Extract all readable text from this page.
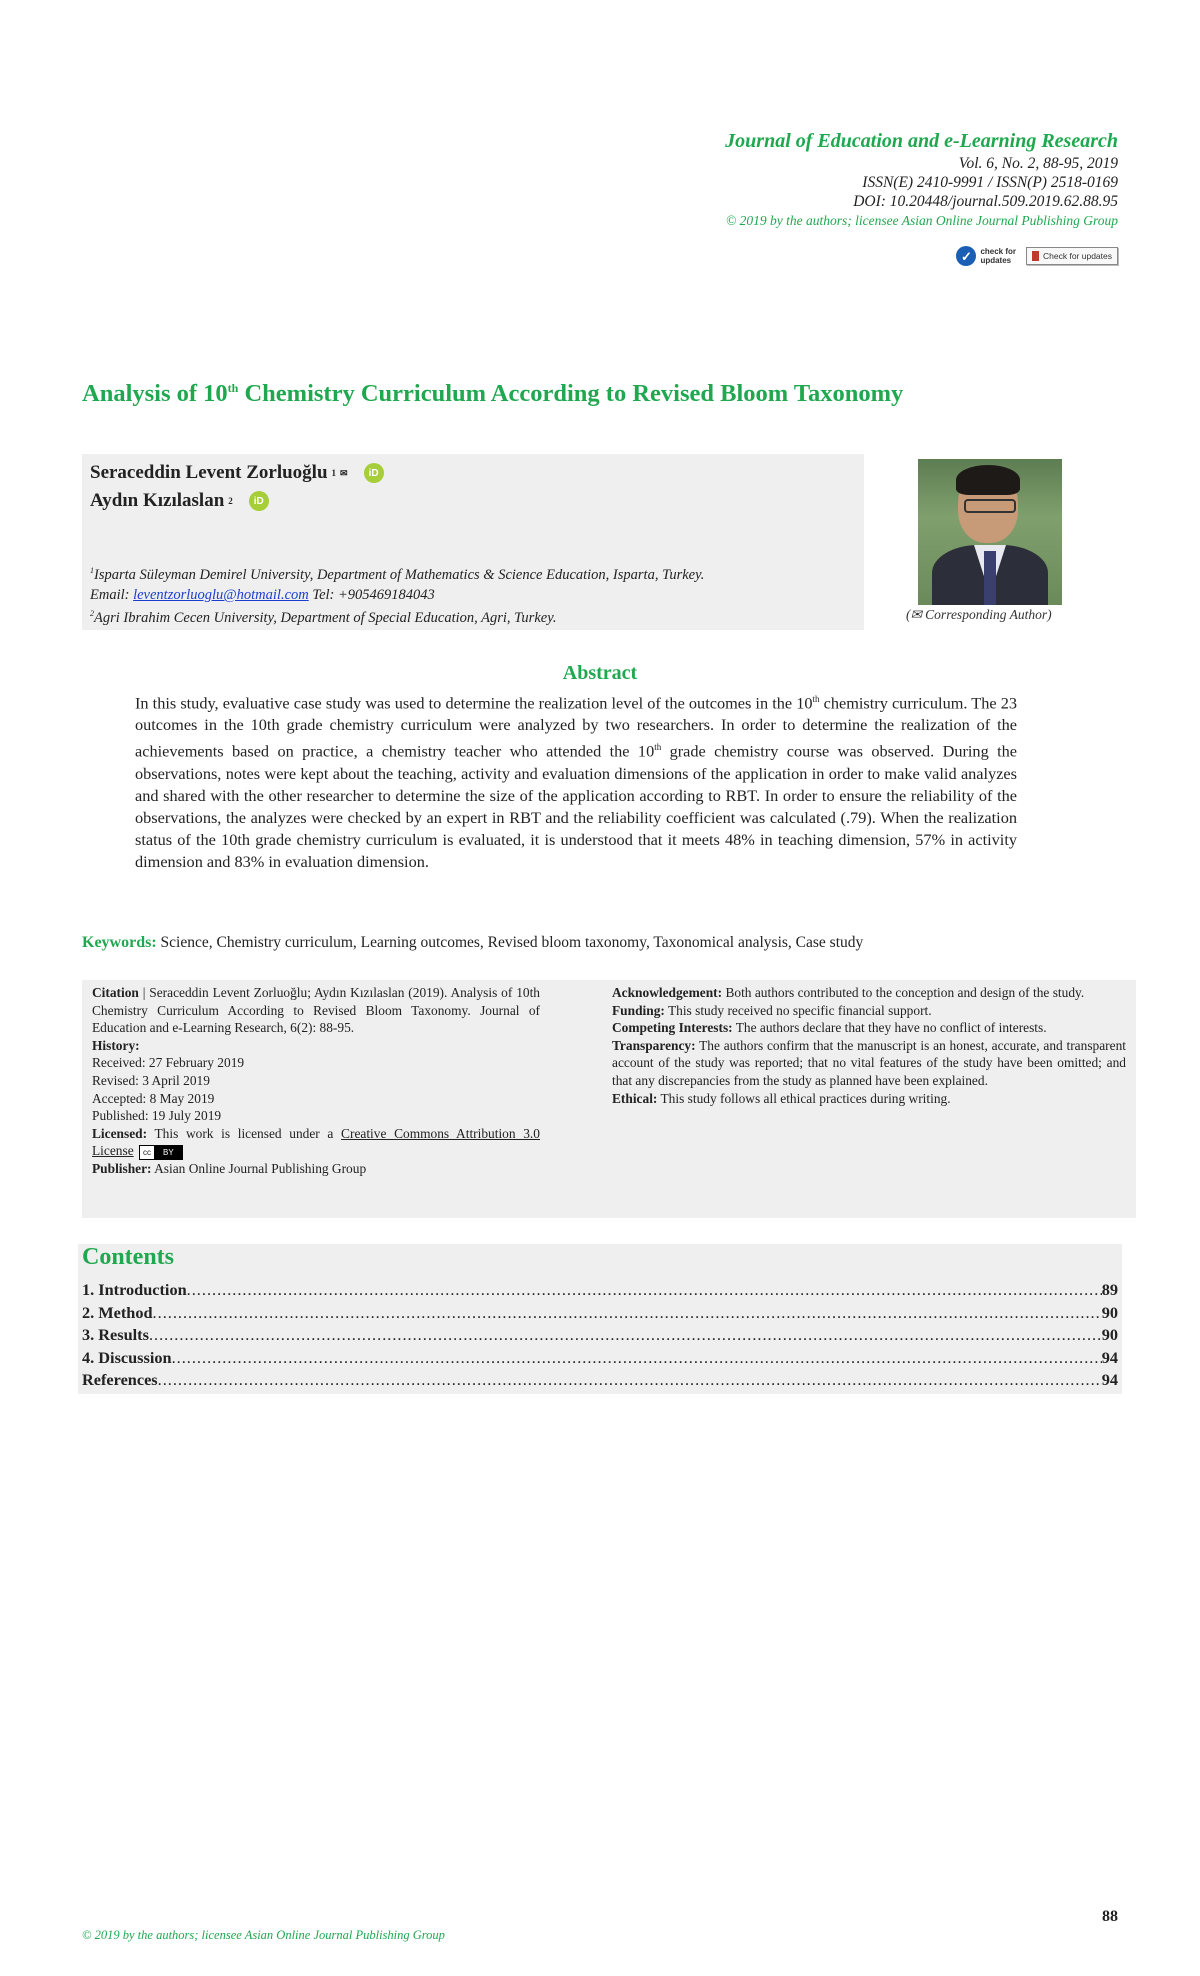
Journal of Education and e-Learning Research
Vol. 6, No. 2, 88-95, 2019
ISSN(E) 2410-9991 / ISSN(P) 2518-0169
DOI: 10.20448/journal.509.2019.62.88.95
© 2019 by the authors; licensee Asian Online Journal Publishing Group
✓	check for
updates	Check for updates
Analysis of 10th Chemistry Curriculum According to Revised Bloom Taxonomy
Seraceddin Levent Zorluoğlu 1 ✉	iD
Aydın Kızılaslan 2	iD
$^1$Isparta Süleyman Demirel University, Department of Mathematics & Science Education, Isparta, Turkey.
Email: leventzorluoglu@hotmail.com Tel: +905469184043
$^2$Agri Ibrahim Cecen University, Department of Special Education, Agri, Turkey.	(✉ Corresponding Author)
Abstract
In this study, evaluative case study was used to determine the realization level of the outcomes in the 10th chemistry curriculum. The 23 outcomes in the 10th grade chemistry curriculum were analyzed by two researchers. In order to determine the realization of the achievements based on practice, a chemistry teacher who attended the 10th grade chemistry course was observed. During the observations, notes were kept about the teaching, activity and evaluation dimensions of the application in order to make valid analyzes and shared with the other researcher to determine the size of the application according to RBT. In order to ensure the reliability of the observations, the analyzes were checked by an expert in RBT and the reliability coefficient was calculated (.79). When the realization status of the 10th grade chemistry curriculum is evaluated, it is understood that it meets 48% in teaching dimension, 57% in activity dimension and 83% in evaluation dimension.
Keywords: Science, Chemistry curriculum, Learning outcomes, Revised bloom taxonomy, Taxonomical analysis, Case study
Citation | Seraceddin Levent Zorluoğlu; Aydın Kızılaslan (2019). Analysis of 10th Chemistry Curriculum According to Revised Bloom Taxonomy. Journal of Education and e-Learning Research, 6(2): 88-95.
History:
Received: 27 February 2019
Revised: 3 April 2019
Accepted: 8 May 2019
Published: 19 July 2019
Licensed: This work is licensed under a Creative Commons Attribution 3.0 License	cc	BY
Publisher: Asian Online Journal Publishing Group
Acknowledgement: Both authors contributed to the conception and design of the study.
Funding: This study received no specific financial support.
Competing Interests: The authors declare that they have no conflict of interests.
Transparency: The authors confirm that the manuscript is an honest, accurate, and transparent account of the study was reported; that no vital features of the study have been omitted; and that any discrepancies from the study as planned have been explained.
Ethical: This study follows all ethical practices during writing.
Contents
1. Introduction .....	89
2. Method .....	90
3. Results .....	90
4. Discussion .....	94
References .....	94
88
© 2019 by the authors; licensee Asian Online Journal Publishing Group
